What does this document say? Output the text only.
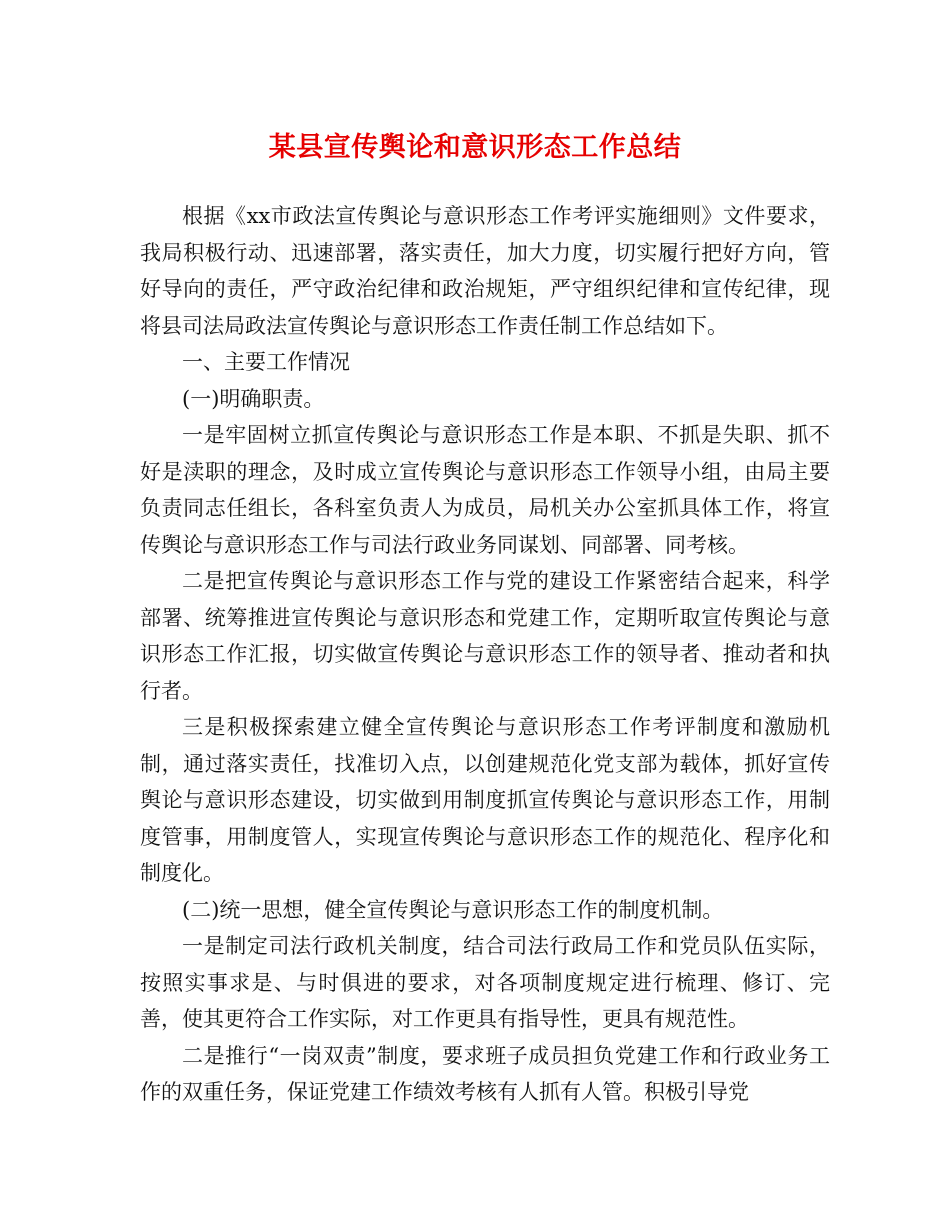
某县宣传舆论和意识形态工作总结

根据《xx市政法宣传舆论与意识形态工作考评实施细则》文件要求，我局积极行动、迅速部署，落实责任，加大力度，切实履行把好方向，管好导向的责任，严守政治纪律和政治规矩，严守组织纪律和宣传纪律，现将县司法局政法宣传舆论与意识形态工作责任制工作总结如下。

一、主要工作情况

(一)明确职责。

一是牢固树立抓宣传舆论与意识形态工作是本职、不抓是失职、抓不好是渎职的理念，及时成立宣传舆论与意识形态工作领导小组，由局主要负责同志任组长，各科室负责人为成员，局机关办公室抓具体工作，将宣传舆论与意识形态工作与司法行政业务同谋划、同部署、同考核。

二是把宣传舆论与意识形态工作与党的建设工作紧密结合起来，科学部署、统筹推进宣传舆论与意识形态和党建工作，定期听取宣传舆论与意识形态工作汇报，切实做宣传舆论与意识形态工作的领导者、推动者和执行者。

三是积极探索建立健全宣传舆论与意识形态工作考评制度和激励机制，通过落实责任，找准切入点，以创建规范化党支部为载体，抓好宣传舆论与意识形态建设，切实做到用制度抓宣传舆论与意识形态工作，用制度管事，用制度管人，实现宣传舆论与意识形态工作的规范化、程序化和制度化。

(二)统一思想，健全宣传舆论与意识形态工作的制度机制。

一是制定司法行政机关制度，结合司法行政局工作和党员队伍实际，按照实事求是、与时俱进的要求，对各项制度规定进行梳理、修订、完善，使其更符合工作实际，对工作更具有指导性，更具有规范性。

二是推行“一岗双责”制度，要求班子成员担负党建工作和行政业务工作的双重任务，保证党建工作绩效考核有人抓有人管。积极引导党
